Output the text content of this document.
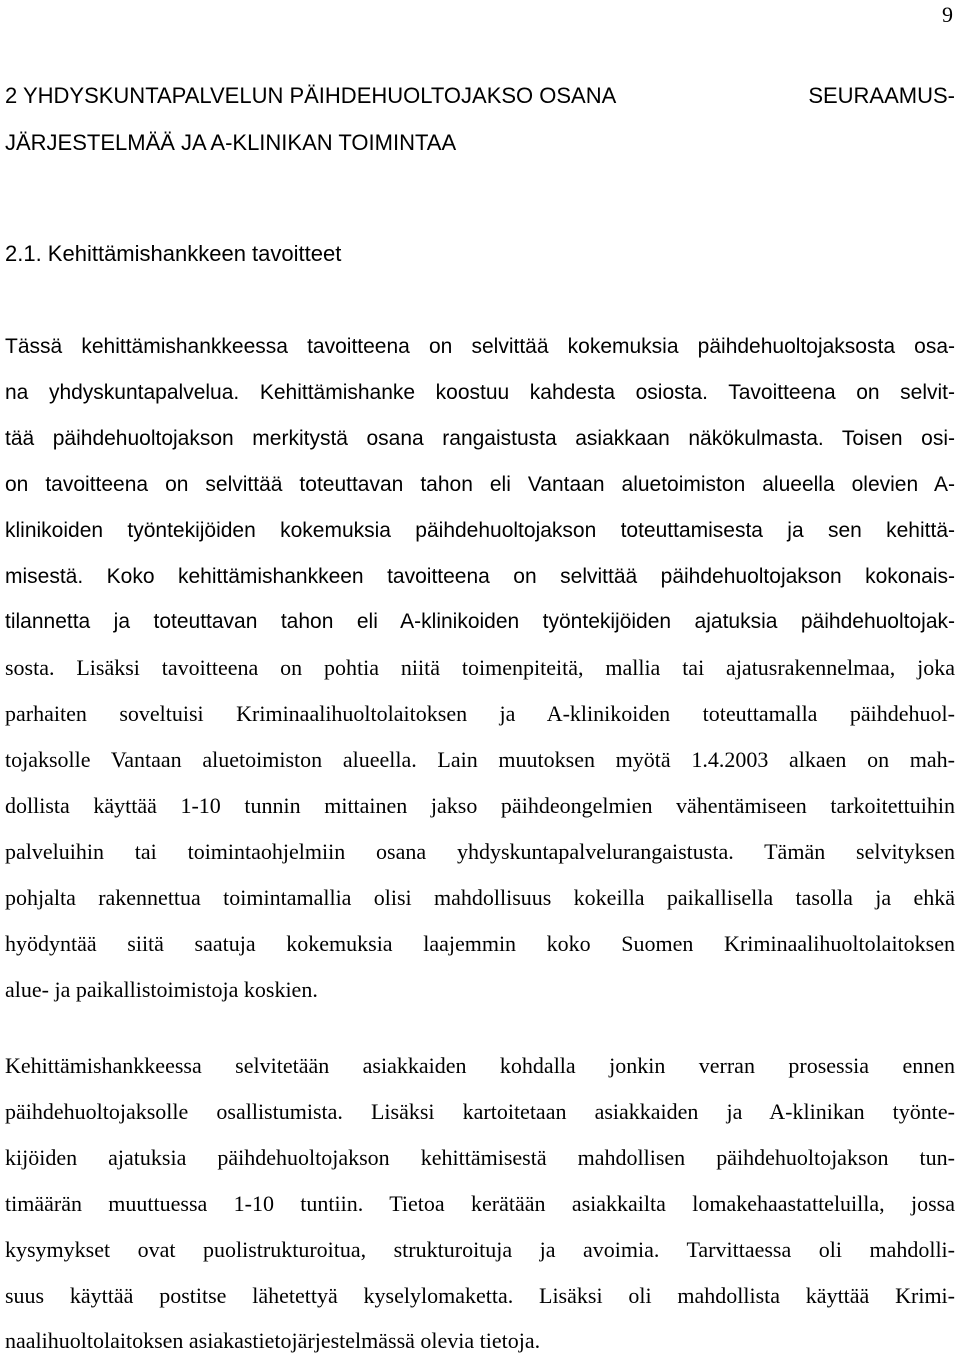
9
2 YHDYSKUNTAPALVELUN PÄIHDEHUOLTOJAKSO OSANA	SEURAAMUS-
JÄRJESTELMÄÄ JA A-KLINIKAN TOIMINTAA
2.1. Kehittämishankkeen tavoitteet
Tässä kehittämishankkeessa tavoitteena on selvittää kokemuksia päihdehuoltojaksosta osa-
na yhdyskuntapalvelua. Kehittämishanke koostuu kahdesta osiosta. Tavoitteena on selvit-
tää päihdehuoltojakson merkitystä osana rangaistusta asiakkaan näkökulmasta. Toisen osi-
on tavoitteena on selvittää toteuttavan tahon eli Vantaan aluetoimiston alueella olevien A-
klinikoiden työntekijöiden kokemuksia päihdehuoltojakson toteuttamisesta ja sen kehittä-
misestä. Koko kehittämishankkeen tavoitteena on selvittää päihdehuoltojakson kokonais-
tilannetta ja toteuttavan tahon eli A-klinikoiden työntekijöiden ajatuksia päihdehuoltojak-
sosta. Lisäksi tavoitteena on pohtia niitä toimenpiteitä, mallia tai ajatusrakennelmaa, joka
parhaiten soveltuisi Kriminaalihuoltolaitoksen ja A-klinikoiden toteuttamalla päihdehuol-
tojaksolle Vantaan aluetoimiston alueella. Lain muutoksen myötä 1.4.2003 alkaen on mah-
dollista käyttää 1-10 tunnin mittainen jakso päihdeongelmien vähentämiseen tarkoitettuihin
palveluihin tai toimintaohjelmiin osana yhdyskuntapalvelurangaistusta. Tämän selvityksen
pohjalta rakennettua toimintamallia olisi mahdollisuus kokeilla paikallisella tasolla ja ehkä
hyödyntää siitä saatuja kokemuksia laajemmin koko Suomen Kriminaalihuoltolaitoksen
alue- ja paikallistoimistoja koskien.
Kehittämishankkeessa selvitetään asiakkaiden kohdalla jonkin verran prosessia ennen
päihdehuoltojaksolle osallistumista. Lisäksi kartoitetaan asiakkaiden ja A-klinikan työnte-
kijöiden ajatuksia päihdehuoltojakson kehittämisestä mahdollisen päihdehuoltojakson tun-
timäärän muuttuessa 1-10 tuntiin. Tietoa kerätään asiakkailta lomakehaastatteluilla, jossa
kysymykset ovat puolistrukturoitua, strukturoituja ja avoimia. Tarvittaessa oli mahdolli-
suus käyttää postitse lähetettyä kyselylomaketta. Lisäksi oli mahdollista käyttää Krimi-
naalihuoltolaitoksen asiakastietojärjestelmässä olevia tietoja.
